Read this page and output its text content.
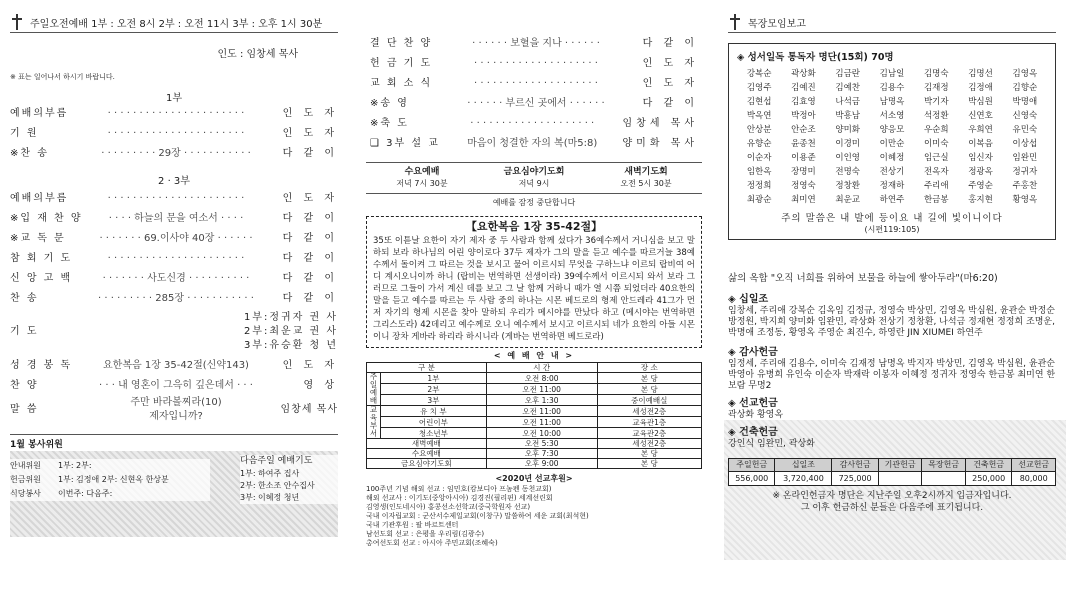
주일오전예배 1부 : 오전 8시 2부 : 오전 11시 3부 : 오후 1시 30분
인도 : 임창세 목사
※ 표는 일어나서 하시기 바랍니다.
1부
예배의부름	· · · · · · · · · · · · · · · · · · · · · ·	인 도 자
기 원	· · · · · · · · · · · · · · · · · · · · · ·	인 도 자
※찬 송	· · · · · · · · · 29장 · · · · · · · · · · ·	다 같 이
2 · 3부
예배의부름	· · · · · · · · · · · · · · · · · · · · · ·	인 도 자
※입 재 찬 양	· · · · 하늘의 문을 여소서 · · · ·	다 같 이
※교 독 문	· · · · · · · 69.이사야 40장 · · · · · ·	다 같 이
참 회 기 도	· · · · · · · · · · · · · · · · · · · · · ·	다 같 이
신 앙 고 백	· · · · · · · 사도신경 · · · · · · · · · ·	다 같 이
찬 송	· · · · · · · · · 285장 · · · · · · · · · · ·	다 같 이
기 도
1부:정귀자 권 사
2부:최운교 권 사
3부:유승환 청 년
성 경 봉 독	요한복음 1장 35-42절(신약143)	인 도 자
찬 양	· · · 내 영혼이 그윽히 깊은데서 · · ·	영 상
말 씀
주만 바라볼찌라(10)
제자입니까?
임창세 목사
1월 봉사위원
안내위원	1부: 2부:
헌금위원	1부: 김정애 2부: 신현옥 한상분
식당봉사	이번주: 다음주:
다음주일 예배기도
1부: 하여주 집사
2부: 한소조 안수집사
3부: 이혜정 청년
결 단 찬 양	· · · · · · 보혈을 지나 · · · · · ·	다 같 이
헌 금 기 도	· · · · · · · · · · · · · · · · · · · ·	인 도 자
교 회 소 식	· · · · · · · · · · · · · · · · · · · ·	인 도 자
※송 영	· · · · · · 부르신 곳에서 · · · · · ·	다 같 이
※축 도	· · · · · · · · · · · · · · · · · · · ·	임창세 목사
❑ 3부 설 교	마음이 청결한 자의 복(마5:8)	양미화 목사
수요예배
저녁 7시 30분
금요심야기도회
저녁 9시
새벽기도회
오전 5시 30분
예배를 잠정 중단합니다
【요한복음 1장 35-42절】
35또 이튿날 요한이 자기 제자 중 두 사람과 함께 섰다가 36예수께서 거니심을 보고 말하되 보라 하나님의 어린 양이로다 37두 제자가 그의 말을 듣고 예수를 따르거늘 38예수께서 돌이켜 그 따르는 것을 보시고 물어 이르시되 무엇을 구하느냐 이르되 랍비여 어디 계시오니이까 하니 (랍비는 번역하면 선생이라) 39예수께서 이르시되 와서 보라 그러므로 그들이 가서 계신 데를 보고 그 날 함께 거하니 때가 열 시쯤 되었더라 40요한의 말을 듣고 예수를 따르는 두 사람 중의 하나는 시몬 베드로의 형제 안드레라 41그가 먼저 자기의 형제 시몬을 찾아 말하되 우리가 메시야를 만났다 하고 (메시야는 번역하면 그리스도라) 42데리고 예수께로 오니 예수께서 보시고 이르시되 네가 요한의 아들 시몬이니 장차 게바라 하리라 하시니라 (게바는 번역하면 베드로라)
< 예 배 안 내 >
구 분		시 간	장 소
주일예배	1부	오전 8:00	본 당
	2부	오전 11:00	본 당
	3부	오후 1:30	중이예배실
교육부서	유 치 부	오전 11:00	세성전2층
	어린이부	오전 11:00	교육관1층
	청소년부	오전 10:00	교육관2층
새벽예배		오전 5:30	세성전2층
수요예배		오후 7:30	본 당
금요심야기도회		오후 9:00	본 당
<2020년 선교후원>
100주년 기념 해외 선교 : 임민호(캄보디아 프놈펜 동천교회)
해외 선교사 : 이기도(중앙아시아) 김경진(필리핀) 세계선린회
김영생(인도네시아) 홍콩선소선학교(중국학원자 선교)
국내 이자립교회 : 군산서수제일교회(이창구) 말씀하여 세운 교회(최석현)
국내 기관후원 : 팔 바르트센터
남선도회 선교 : 은평을 우리림(김광수)
총여선도회 선교 : 아시아 주민교회(조혜숙)
목장모임보고
◈ 성서일독 통독자 명단(15회) 70명
강복순	곽상화	김금란	김남일	김명숙	김명선	김영옥
김영주	김예진	김예찬	김용수	김재정	김정애	김향순
김현섭	김효영	나석금	남명옥	박기자	박심원	박명애
박옥연	박정아	박흥남	서소영	석정환	신연호	신영숙
안상분	안순조	양미화	양응모	우순희	우희연	유민숙
유향순	윤종천	이경미	이만순	이미숙	이복음	이상섭
이순자	이용준	이인영	이혜정	임근실	임신자	임완민
임한옥	장명미	전명숙	전상기	전옥자	정광옥	정귀자
정정희	정영숙	정창환	정재하	주리애	주영순	주홍찬
최광순	최미연	최운교	하연주	한금봉	홍지현	황영옥
주의 말씀은 내 발에 등이요 내 길에 빛이니이다
(시편119:105)
삶의 옥합 "오직 너희를 위하여 보물을 하늘에 쌓아두라"(마6:20)
◈ 십일조
임창세, 주리애 강복순 김옥임 김정규, 정영숙 박상민, 김영옥 박심원, 윤관순 박정순 방정원, 박지희 양미화 임완민, 곽상화 전상기 정창환, 나석금 정재현 정정희 조명운, 박명애 조정동, 황영옥 주영순 최진수, 하영란 JIN XIUMEI 하연주
◈ 감사헌금
임정세, 주리애 김용수, 이미숙 김재정 남명옥 박지자 박상민, 김영옥 박심원, 윤관순 박영아 유병희 유인숙 이순자 박재락 이봉자 이혜정 정귀자 정영숙 한금봉 최미연 한보람 무명2
◈ 선교헌금
곽상화 황영옥
◈ 건축헌금
강인식 임완민, 곽상화
주일헌금	십일조	감사헌금	기관헌금	목장헌금	건축헌금	선교헌금
556,000	3,720,400	725,000			250,000	80,000
※ 온라인헌금자 명단은 지난주일 오후2시까지 입금자입니다.
그 이후 헌금하신 분들은 다음주에 표기됩니다.
